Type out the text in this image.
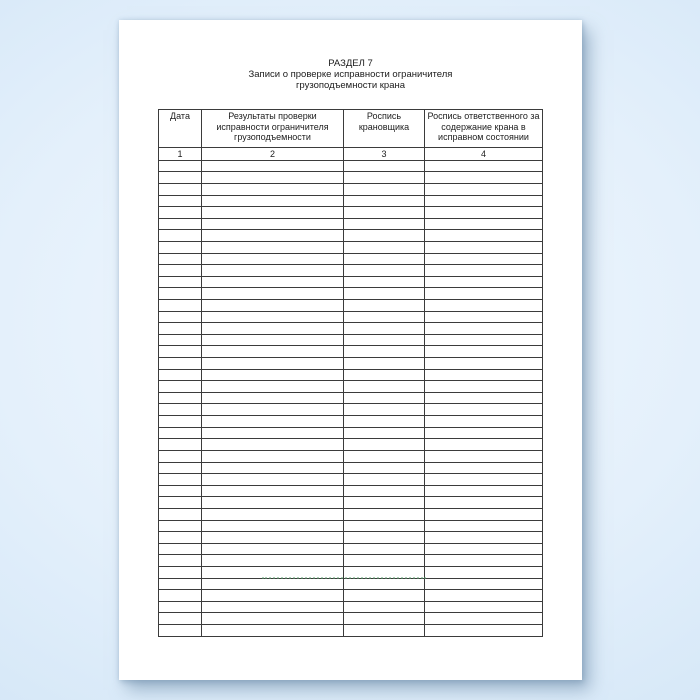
РАЗДЕЛ 7
Записи о проверке исправности ограничителя
грузоподъемности крана
Дата	Результаты проверки исправности ограничителя грузоподъемности	Роспись крановщика	Роспись ответственного за содержание крана в исправном состоянии
1	2	3	4
